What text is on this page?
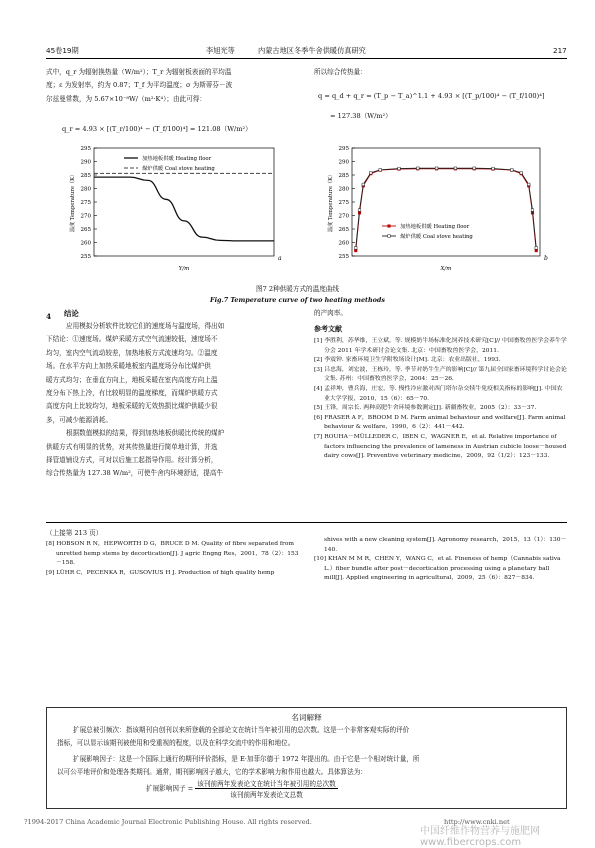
45卷19期	李旭光等	内蒙古地区冬季牛舍供暖仿真研究	217

式中，q_r 为辐射换热量（W/m²）；T_r 为辐射板表面的平均温

度；ε 为发射率，约为 0.87；T_f 为平均温度；σ 为斯蒂芬－波

尔兹曼常数，为 5.67×10⁻⁸W/（m²·K⁴）；由此可得：

q_r = 4.93 × [(T_r/100)⁴ − (T_f/100)⁴] = 121.08（W/m²）
所以综合传热量：
q = q_d + q_r = (T_p − T_a)^1.1 + 4.93 × [(T_p/100)⁴ − (T_f/100)⁴]
= 127.38（W/m²）
255
260
265
270
275
280
285
290
295
温度 Temperature（K）
Y/m
a
加热地板供暖 Heating floor
煤炉供暖 Coal stove heating
255
260
265
270
275
280
285
290
295
温度 Temperature（K）
X/m
b
加热地板供暖 Heating floor
煤炉供暖 Coal stove heating
图7 2种供暖方式的温度曲线
Fig.7 Temperature curve of two heating methods
4 结论

应用模拟分析软件比较它们的速度场与温度场，得出如

下结论：①速度场。煤炉采暖方式空气流速较低，速度场不

均匀，室内空气流动较差，加热地板方式流速均匀。②温度

场。在水平方向上加热采暖地板室内温度场分布比煤炉供

暖方式均匀；在垂直方向上，地板采暖在室内高度方向上温

度分布下热上冷，有比较明显的温度梯度，而煤炉供暖方式

高度方向上比较均匀，地板采暖的无效热损比煤炉供暖少很

多，可减少能源消耗。

根据数值模拟的结果，得到加热地板供暖比传统的煤炉

供暖方式有明显的优势，对其传热量进行简单地计算，并选

择管道铺设方式，可对以后施工起指导作用。经计算分析，

综合传热量为 127.38 W/m²，可使牛舍内环境舒适，提高牛

的产肉率。
参考文献

[1] 李胜利，苏华维，王立斌，等. 规模奶牛场标准化饲养技术研究[C]// 中国畜牧兽医学会养牛学分会 2011 年学术研讨会论文集. 北京：中国畜牧兽医学会，2011.

[2] 李震钟. 家畜环境卫生学附牧场设计[M]. 北京：农业出版社，1993.

[3] 吕忠海，刘宏波，王栋玲，等. 季节对奶牛生产的影响[C]// 第九届全国家畜环境科学讨论会论文集. 苏州：中国畜牧兽医学会，2004：25－26.

[4] 孟祥坤，曹兵海，庄宏，等. 慢性冷应激对西门塔尔杂交犊牛免疫相关指标的影响[J]. 中国农业大学学报，2010，15（6）：65－70.

[5] 王锋，周宗长. 两种高肥牛舍环境参数测定[J]. 新疆畜牧业，2005（2）：33－37.

[6] FRASER A F，BROOM D M. Farm animal behaviour and welfare[J]. Farm animal behaviour & welfare，1990，6（2）：441－442.

[7] ROUHA－MÜLLEDER C，IBEN C，WAGNER E，et al. Relative importance of factors influencing the prevalence of lameness in Austrian cubicle loose－housed dairy cows[J]. Preventive veterinary medicine，2009，92（1/2）：123－133.

（上接第 213 页）

[8] HOBSON R N，HEPWORTH D G，BRUCE D M. Quality of fibre separated from unretted hemp stems by decortication[J]. J agric Engng Res，2001，78（2）：153－158.

[9] LÜHR C，PECENKA R，GUSOVIUS H J. Production of high quality hemp

shives with a new cleaning system[J]. Agronomy research，2015，13（1）：130－140.

[10] KHAN M M R，CHEN Y，WANG C，et al. Fineness of hemp（Cannabis sativa L.）fiber bundle after post－decortication processing using a planetary ball mill[J]. Applied engineering in agricultural，2009，25（6）：827－834.

名词解释
扩展总被引频次：指该期刊自创刊以来所登载的全部论文在统计当年被引用的总次数。这是一个非常客观实际的评价
指标，可以显示该期刊被使用和受重视的程度，以及在科学交流中的作用和地位。
扩展影响因子：这是一个国际上通行的期刊评价指标，是 E·加菲尔德于 1972 年提出的。由于它是一个相对统计量，所
以可公平地评价和处理各类期刊。通常，期刊影响因子越大，它的学术影响力和作用也越大。具体算法为：
扩展影响因子 = $\frac{\text{该刊前两年发表论文在统计当年被引用的总次数}}{\text{该刊前两年发表论文总数}}$
?1994-2017 China Academic Journal Electronic Publishing House. All rights reserved.	http://www.cnki.net
中国纤维作物营养与施肥网 www.fibercrops.com
